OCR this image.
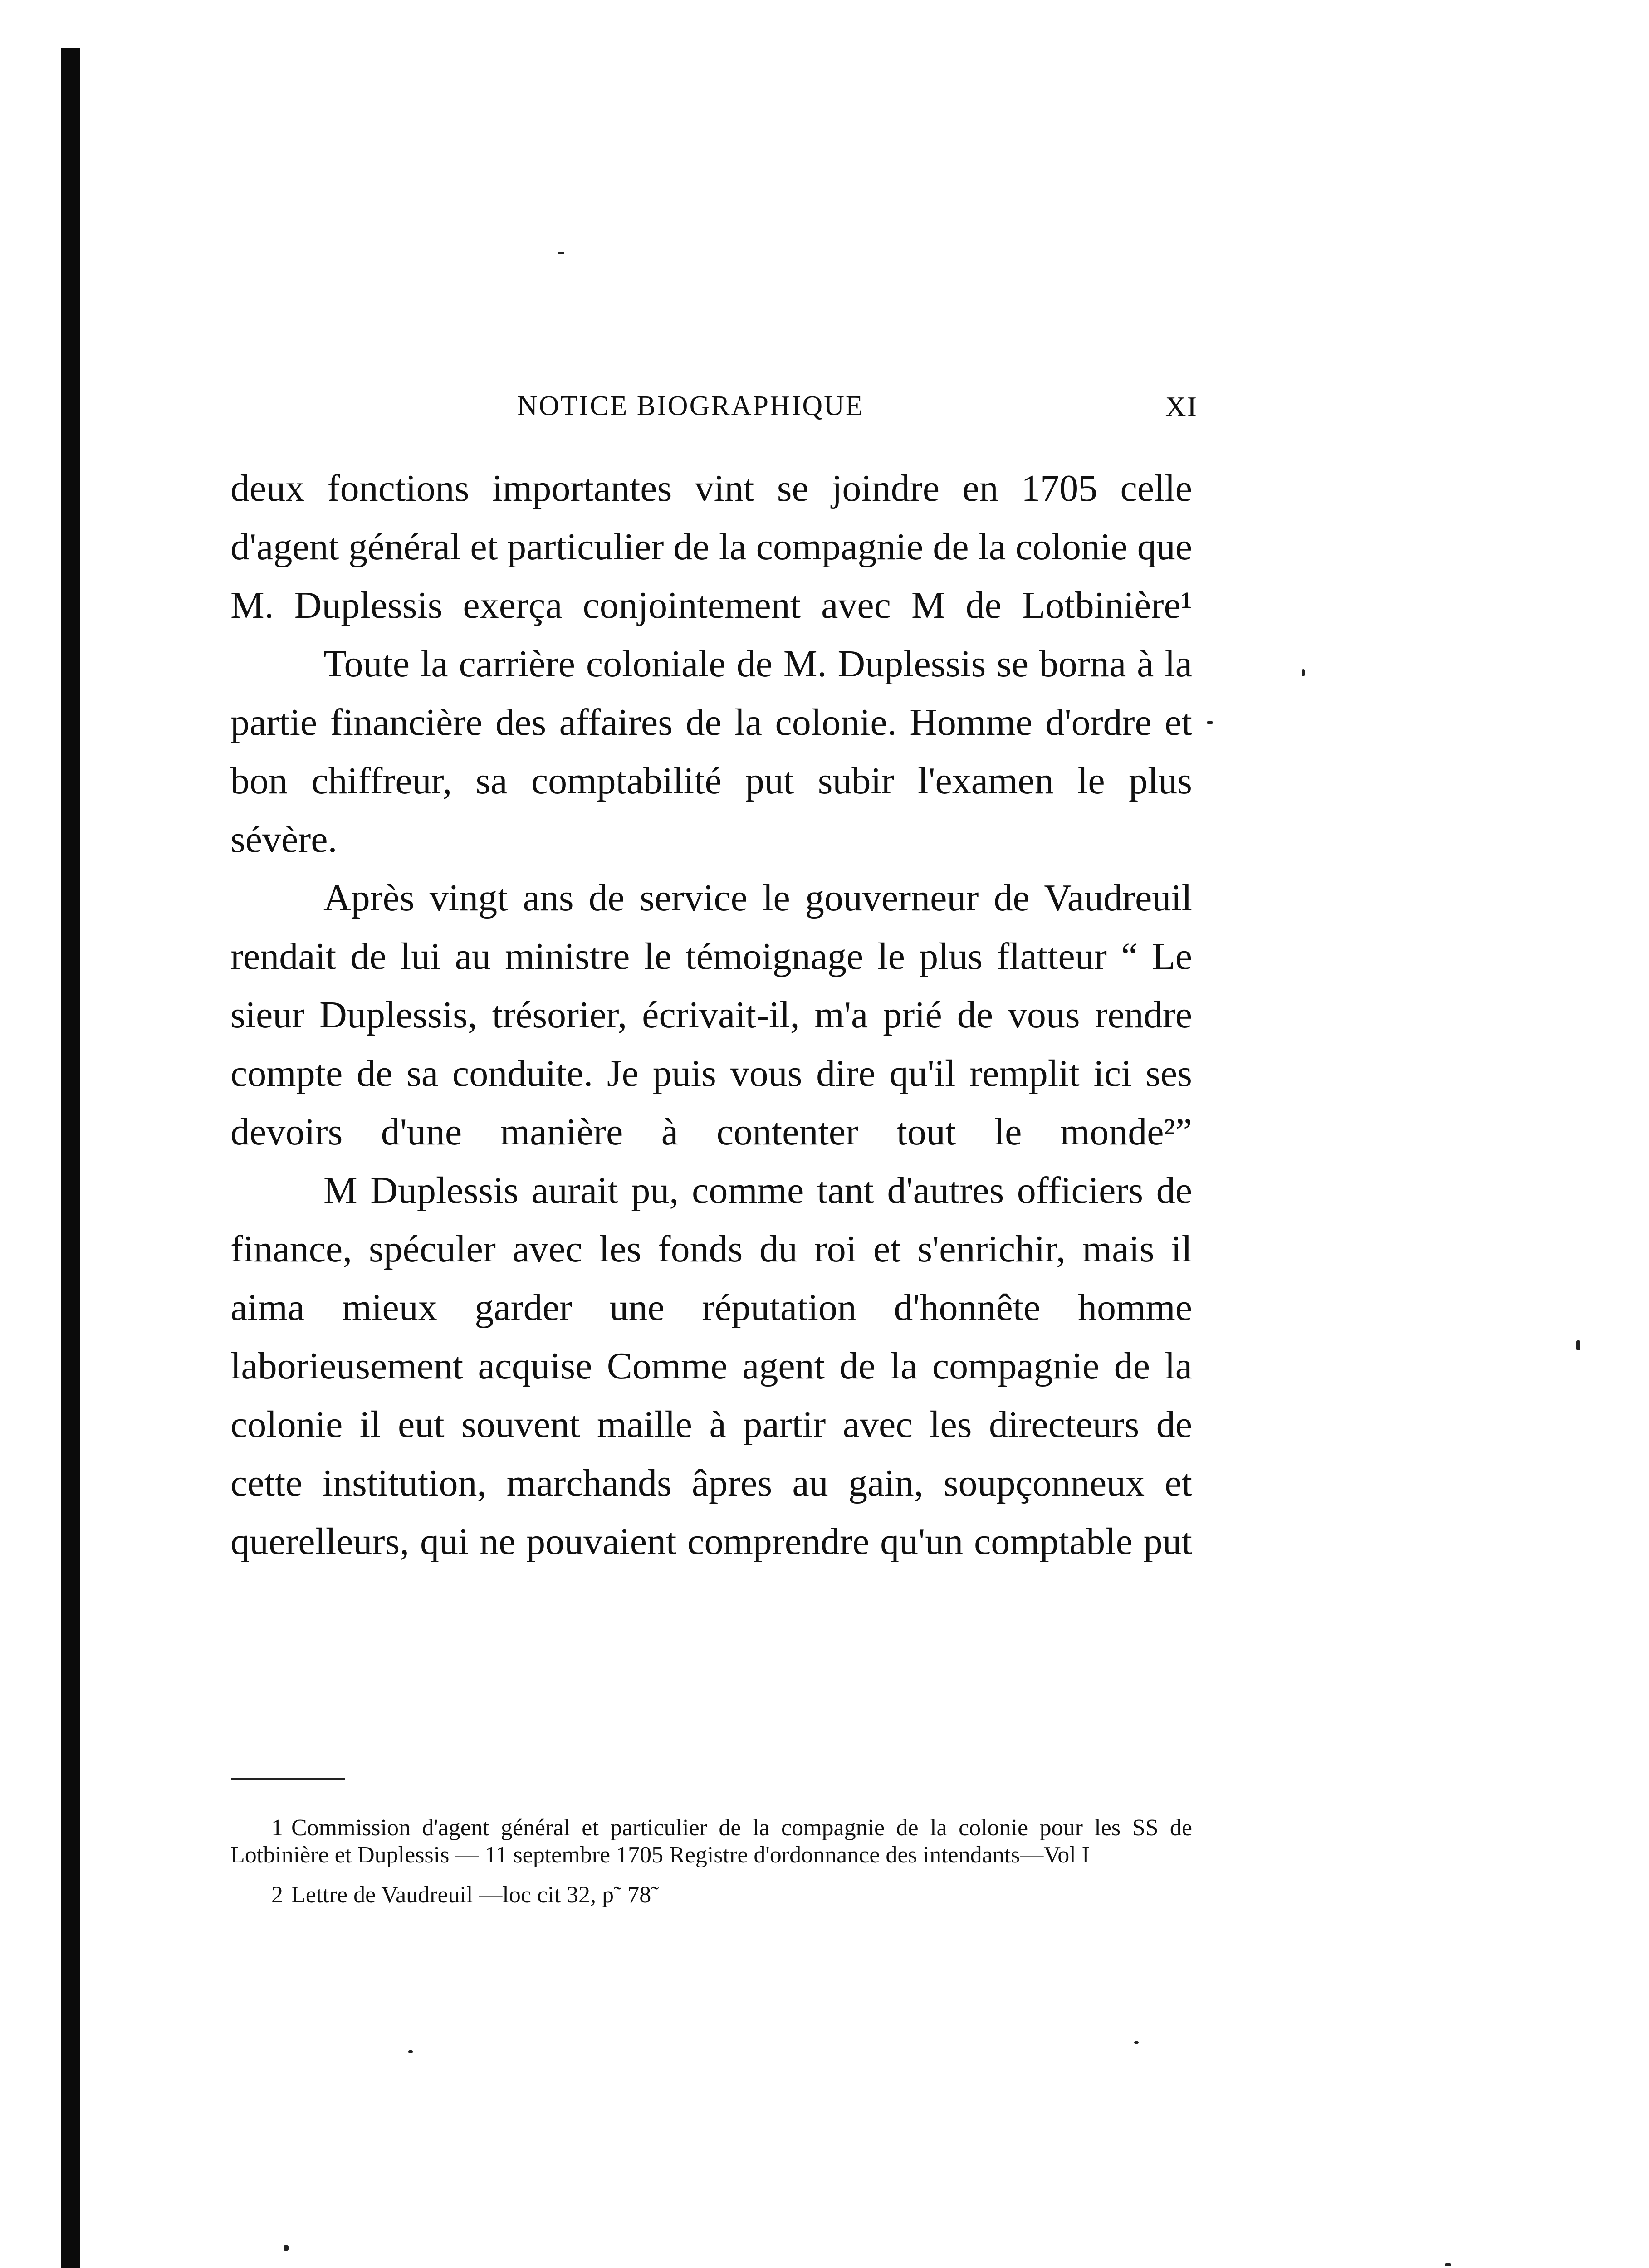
NOTICE BIOGRAPHIQUE	XI

deux fonctions importantes vint se joindre en 1705 celle d'agent général et particulier de la compagnie de la colonie que M. Duplessis exerça conjointement avec M de Lotbinière¹

Toute la carrière coloniale de M. Duplessis se borna à la partie financière des affaires de la colonie. Homme d'ordre et bon chiffreur, sa comptabilité put subir l'examen le plus sévère.

Après vingt ans de service le gouverneur de Vaudreuil rendait de lui au ministre le témoignage le plus flatteur “ Le sieur Duplessis, trésorier, écrivait-il, m'a prié de vous rendre compte de sa conduite. Je puis vous dire qu'il remplit ici ses devoirs d'une manière à contenter tout le monde²”

M Duplessis aurait pu, comme tant d'autres officiers de finance, spéculer avec les fonds du roi et s'enrichir, mais il aima mieux garder une réputation d'honnête homme laborieusement acquise Comme agent de la compagnie de la colonie il eut souvent maille à partir avec les directeurs de cette institution, marchands âpres au gain, soupçonneux et querelleurs, qui ne pouvaient comprendre qu'un comptable put

1 Commission d'agent général et particulier de la compagnie de la colonie pour les SS de Lotbinière et Duplessis — 11 septembre 1705 Registre d'ordonnance des intendants—Vol I

2 Lettre de Vaudreuil —loc cit 32, p˜ 78˜
